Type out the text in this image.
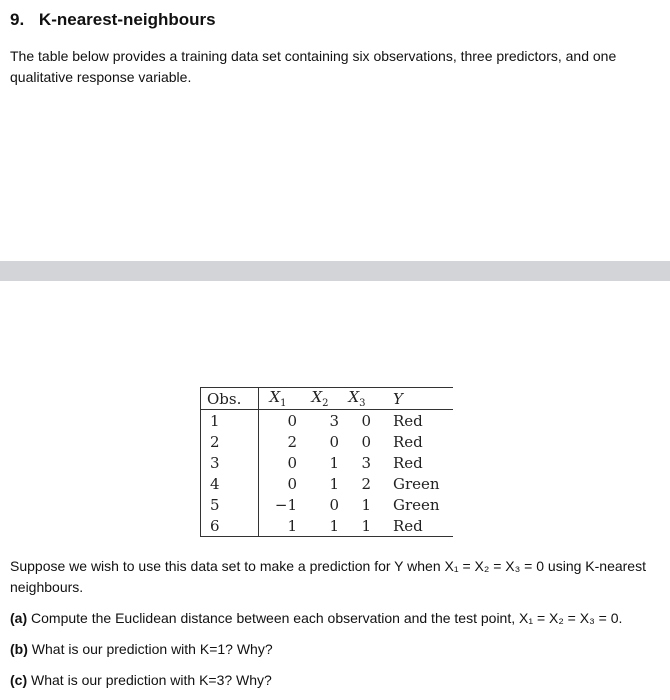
9. K-nearest-neighbours
The table below provides a training data set containing six observations, three predictors, and one qualitative response variable.
Obs.	$X_1$	$X_2$	$X_3$	Y
1	0	3	0	Red
2	2	0	0	Red
3	0	1	3	Red
4	0	1	2	Green
5	−1	0	1	Green
6	1	1	1	Red
Suppose we wish to use this data set to make a prediction for Y when X₁ = X₂ = X₃ = 0 using K-nearest neighbours.
(a) Compute the Euclidean distance between each observation and the test point, X₁ = X₂ = X₃ = 0.
(b) What is our prediction with K=1? Why?
(c) What is our prediction with K=3? Why?
